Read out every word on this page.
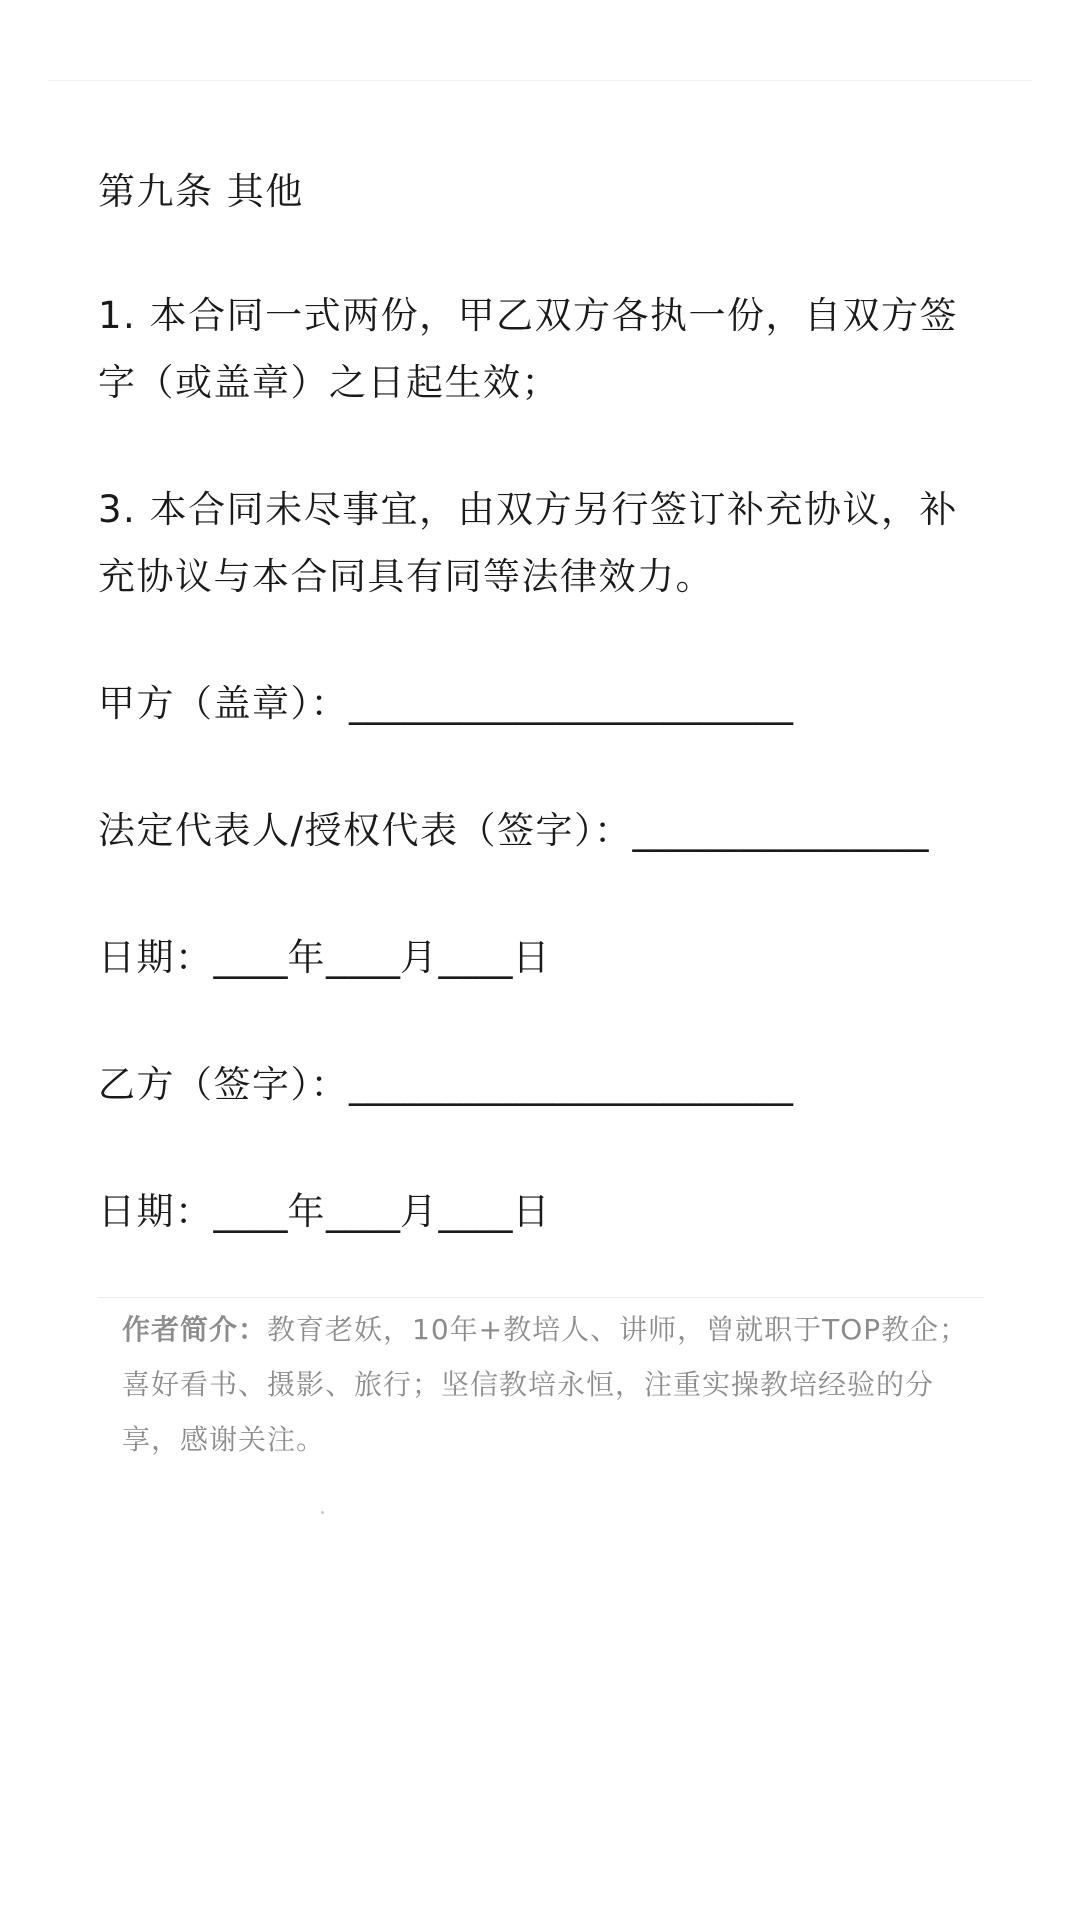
第九条 其他

1. 本合同一式两份，甲乙双方各执一份，自双方签字（或盖章）之日起生效；

3. 本合同未尽事宜，由双方另行签订补充协议，补充协议与本合同具有同等法律效力。

甲方（盖章）：________________________

法定代表人/授权代表（签字）：________________

日期：____年____月____日

乙方（签字）：________________________

日期：____年____月____日

作者简介：教育老妖，10年+教培人、讲师，曾就职于TOP教企；喜好看书、摄影、旅行；坚信教培永恒，注重实操教培经验的分享，感谢关注。
